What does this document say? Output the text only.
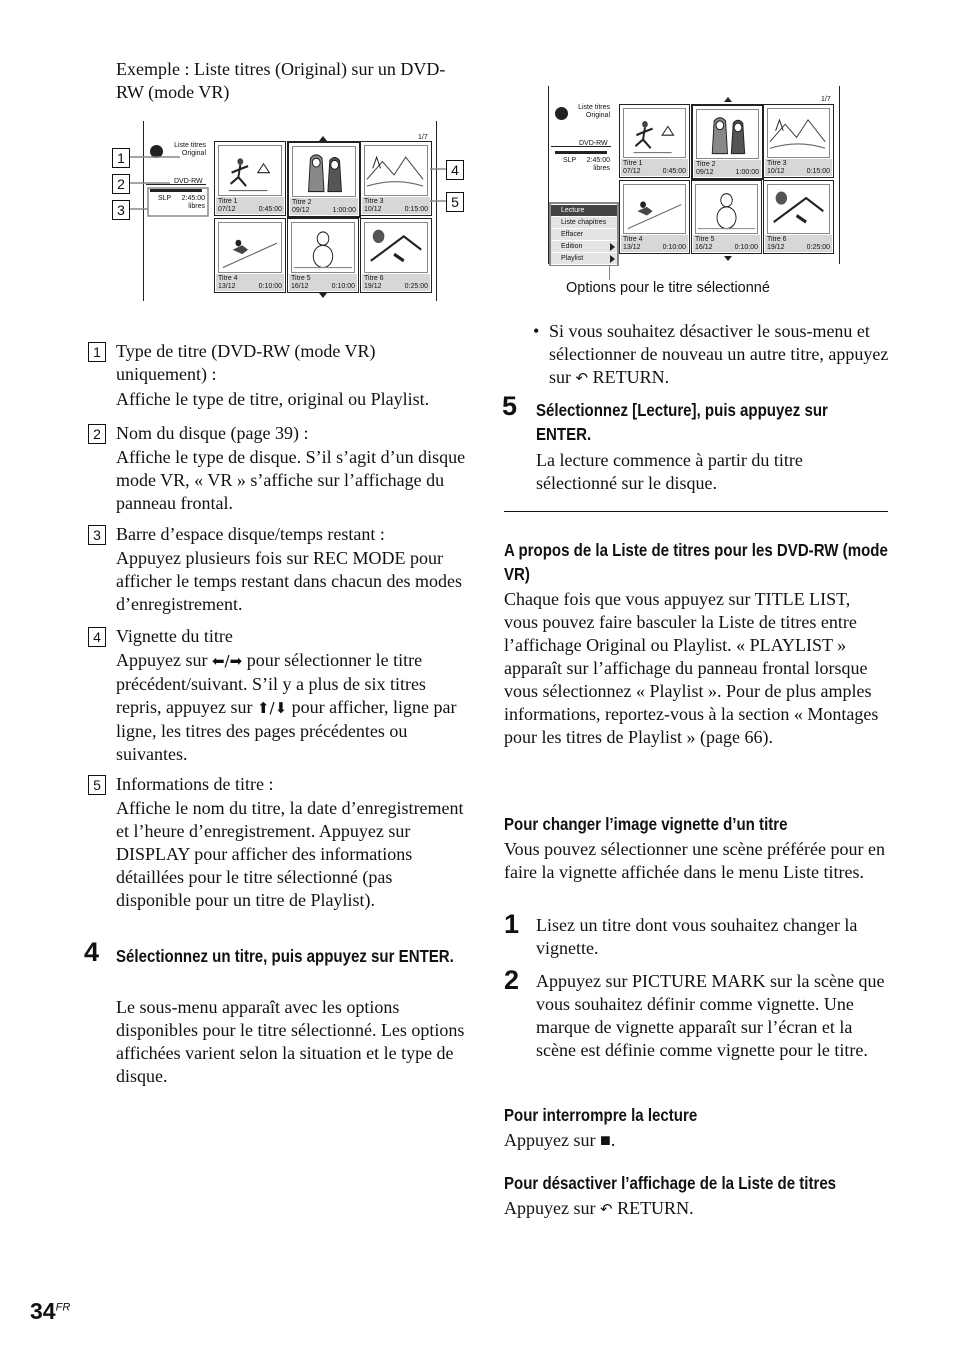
Exemple : Liste titres (Original) sur un DVD-RW (mode VR)
Liste titres
Original
DVD-RW
SLP	2:45:00
libres
1/7
Titre 1
07/12	0:45:00
Titre 2
09/12	1:00:00
Titre 3
10/12	0:15:00
Titre 4
13/12	0:10:00
Titre 5
16/12	0:10:00
Titre 6
19/12	0:25:00
1
2
3
4
5
1 Type de titre (DVD-RW (mode VR) uniquement) :
Affiche le type de titre, original ou Playlist.
2 Nom du disque (page 39) :
Affiche le type de disque. S’il s’agit d’un disque mode VR, « VR » s’affiche sur l’affichage du panneau frontal.
3 Barre d’espace disque/temps restant :
Appuyez plusieurs fois sur REC MODE pour afficher le temps restant dans chacun des modes d’enregistrement.
4 Vignette du titre
Appuyez sur ⬅/➡ pour sélectionner le titre précédent/suivant. S’il y a plus de six titres repris, appuyez sur ⬆/⬇ pour afficher, ligne par ligne, les titres des pages précédentes ou suivantes.
5 Informations de titre :
Affiche le nom du titre, la date d’enregistrement et l’heure d’enregistrement. Appuyez sur DISPLAY pour afficher des informations détaillées pour le titre sélectionné (pas disponible pour un titre de Playlist).
4 Sélectionnez un titre, puis appuyez sur ENTER.
Le sous-menu apparaît avec les options disponibles pour le titre sélectionné. Les options affichées varient selon la situation et le type de disque.
Liste titres
Original
DVD-RW
SLP	2:45:00
libres
1/7
Titre 1
07/12	0:45:00
Titre 2
09/12	1:00:00
Titre 3
10/12	0:15:00
Titre 4
13/12	0:10:00
Titre 5
16/12	0:10:00
Titre 6
19/12	0:25:00
Lecture
Liste chapitres
Effacer
Edition
Playlist
Options pour le titre sélectionné
• Si vous souhaitez désactiver le sous-menu et sélectionner de nouveau un autre titre, appuyez sur ↶ RETURN.
5 Sélectionnez [Lecture], puis appuyez sur ENTER.
La lecture commence à partir du titre sélectionné sur le disque.
A propos de la Liste de titres pour les DVD-RW (mode VR)
Chaque fois que vous appuyez sur TITLE LIST, vous pouvez faire basculer la Liste de titres entre l’affichage Original ou Playlist. « PLAYLIST » apparaît sur l’affichage du panneau frontal lorsque vous sélectionnez « Playlist ». Pour de plus amples informations, reportez-vous à la section « Montages pour les titres de Playlist » (page 66).
Pour changer l’image vignette d’un titre
Vous pouvez sélectionner une scène préférée pour en faire la vignette affichée dans le menu Liste titres.
1 Lisez un titre dont vous souhaitez changer la vignette.
2 Appuyez sur PICTURE MARK sur la scène que vous souhaitez définir comme vignette. Une marque de vignette apparaît sur l’écran et la scène est définie comme vignette pour le titre.
Pour interrompre la lecture
Appuyez sur ■.
Pour désactiver l’affichage de la Liste de titres
Appuyez sur ↶ RETURN.
$34^{FR}$
